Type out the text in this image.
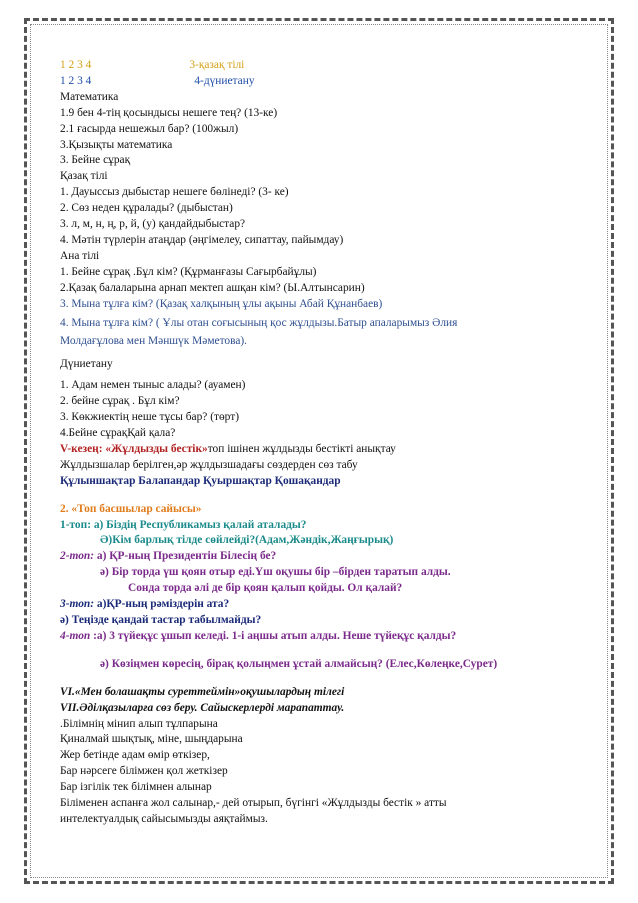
1 2 3 4	3-қазақ тілі
1 2 3 4	4-дүниетану
Математика
1.9 бен 4-тің қосындысы нешеге тең? (13-ке)
2.1 ғасырда нешежыл бар? (100жыл)
3.Қызықты математика
3. Бейне сұрақ
Қазақ тілі
1. Дауыссыз дыбыстар нешеге бөлінеді? (3- ке)
2. Сөз неден құралады? (дыбыстан)
3. л, м, н, ң, р, й, (у) қандайдыбыстар?
4. Мәтін түрлерін атаңдар (әңгімелеу, сипаттау, пайымдау)
Ана тілі
1. Бейне сұрақ .Бұл кім? (Құрманғазы Сағырбайұлы)
2.Қазақ балаларына арнап мектеп ашқан кім? (Ы.Алтынсарин)
3. Мына тұлға кім? (Қазақ халқының ұлы ақыны Абай Құнанбаев)
4. Мына тұлға кім? ( Ұлы отан соғысының қос жұлдызы.Батыр апаларымыз Әлия
Молдағұлова мен Мәншүк Мәметова).
Дүниетану
1. Адам немен тыныс алады? (ауамен)
2. бейне сұрақ . Бұл кім?
3. Көкжиектің неше тұсы бар? (төрт)
4.Бейне сұрақҚай қала?
V-кезең: «Жұлдызды бестік»топ ішінен жұлдызды бестікті анықтау
Жұлдызшалар берілген,әр жұлдызшадағы сөздерден сөз табу
Құлыншақтар Балапандар Қуыршақтар Қошақандар
2. «Топ басшылар сайысы»
1-топ: а) Біздің Республикамыз қалай аталады?
Ә)Кім барлық тілде сөйлейді?(Адам,Жәндік,Жаңғырық)
2-топ: а) ҚР-ның Президентін Білесің бе?
ә) Бір торда үш қоян отыр еді.Үш оқушы бір –бірден таратып алды.
Сонда торда әлі де бір қоян қалып қойды. Ол қалай?
3-топ: а)ҚР-ның рәміздерін ата?
ә) Теңізде қандай тастар табылмайды?
4-топ :а) 3 түйеқұс ұшып келеді. 1-і аңшы атып алды. Неше түйеқұс қалды?
ә) Көзіңмен көресің, бірақ қолыңмен ұстай алмайсың? (Елес,Көлеңке,Сурет)
VI.«Мен болашақты суреттеймін»оқушылардың тілегі
VII.Әділқазыларға сөз беру. Сайыскерлерді марапаттау.
.Білімнің мінип алып тұлпарына
Қиналмай шықтық, міне, шыңдарына
Жер бетінде адам өмір өткізер,
Бар нәрсеге білімжен қол жеткізер
Бар ізгілік тек білімнен алынар
Біліменен аспанға жол салынар,- дей отырып, бүгінгі «Жұлдызды бестік » атты
интелектуалдық сайысымызды аяқтаймыз.
